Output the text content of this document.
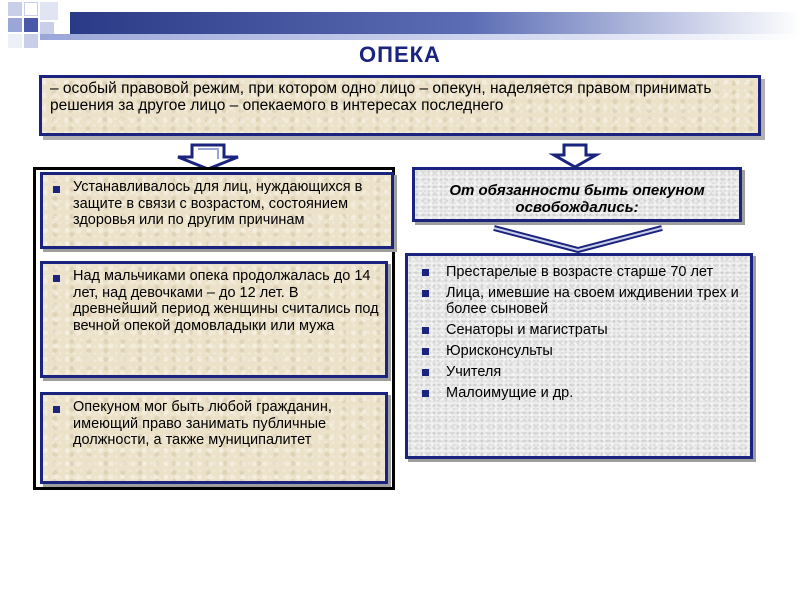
ОПЕКА
– особый правовой режим, при котором одно лицо – опекун, наделяется правом принимать решения за другое лицо – опекаемого в интересах последнего
Устанавливалось для лиц, нуждающихся в защите в связи с возрастом, состоянием здоровья или по другим причинам
Над мальчиками опека продолжалась до 14 лет, над девочками – до 12 лет. В древнейший период женщины считались под вечной опекой домовладыки или мужа
Опекуном мог быть любой гражданин, имеющий право занимать публичные должности, а также муниципалитет
От обязанности быть опекуном освобождались:
Престарелые в возрасте старше 70 лет
Лица, имевшие на своем иждивении трех и более сыновей
Сенаторы и магистраты
Юрисконсульты
Учителя
Малоимущие и др.
